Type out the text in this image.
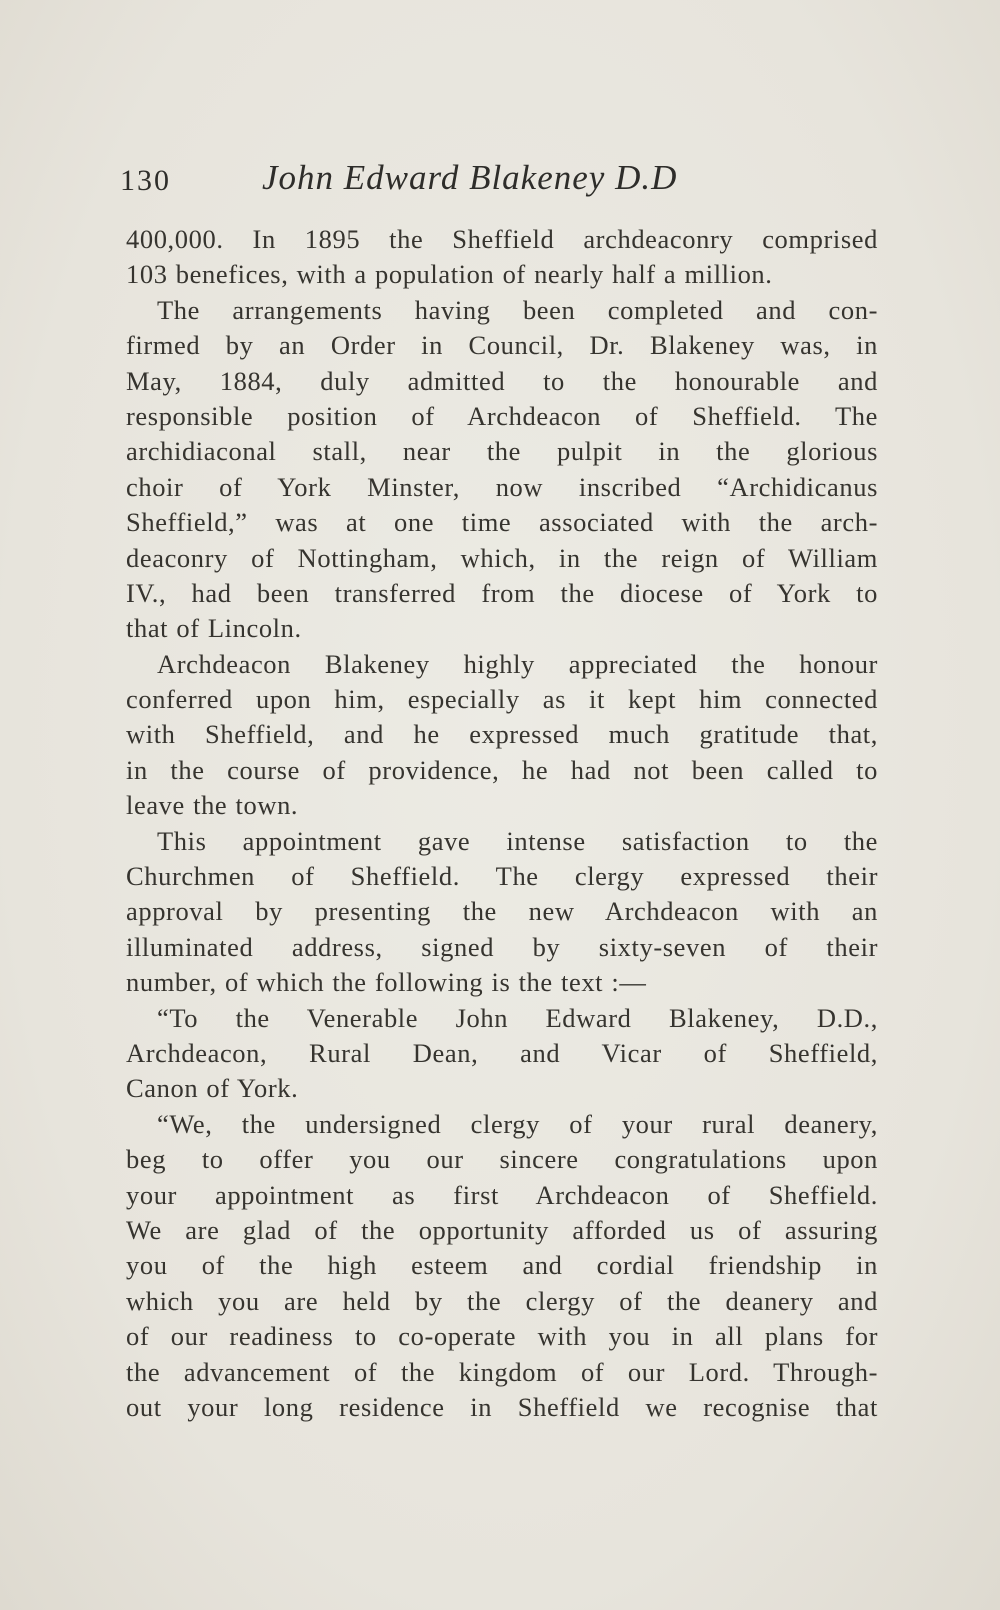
130	John Edward Blakeney D.D
400,000. In 1895 the Sheffield archdeaconry comprised
103 benefices, with a population of nearly half a million.
The arrangements having been completed and con-
firmed by an Order in Council, Dr. Blakeney was, in
May, 1884, duly admitted to the honourable and
responsible position of Archdeacon of Sheffield. The
archidiaconal stall, near the pulpit in the glorious
choir of York Minster, now inscribed “Archidicanus
Sheffield,” was at one time associated with the arch-
deaconry of Nottingham, which, in the reign of William
IV., had been transferred from the diocese of York to
that of Lincoln.
Archdeacon Blakeney highly appreciated the honour
conferred upon him, especially as it kept him connected
with Sheffield, and he expressed much gratitude that,
in the course of providence, he had not been called to
leave the town.
This appointment gave intense satisfaction to the
Churchmen of Sheffield. The clergy expressed their
approval by presenting the new Archdeacon with an
illuminated address, signed by sixty-seven of their
number, of which the following is the text :—
“To the Venerable John Edward Blakeney, D.D.,
Archdeacon, Rural Dean, and Vicar of Sheffield,
Canon of York.
“We, the undersigned clergy of your rural deanery,
beg to offer you our sincere congratulations upon
your appointment as first Archdeacon of Sheffield.
We are glad of the opportunity afforded us of assuring
you of the high esteem and cordial friendship in
which you are held by the clergy of the deanery and
of our readiness to co-operate with you in all plans for
the advancement of the kingdom of our Lord. Through-
out your long residence in Sheffield we recognise that
